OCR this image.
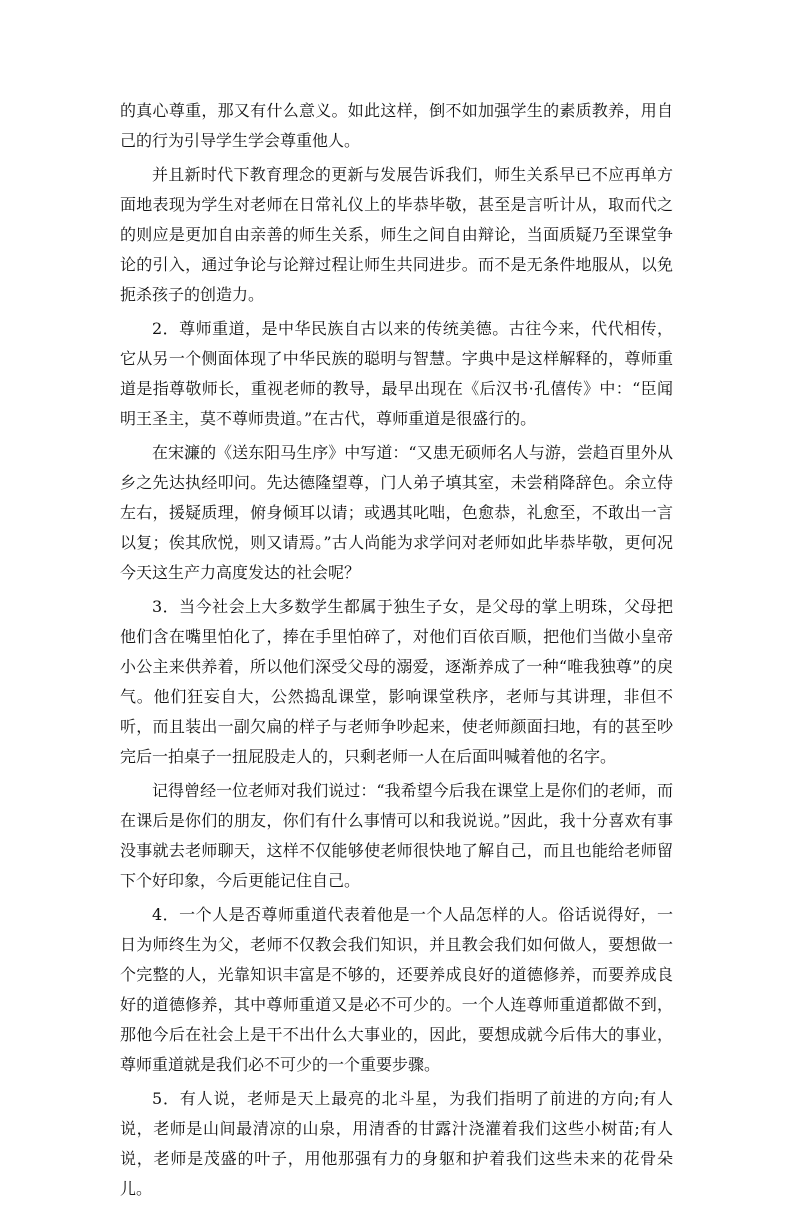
的真心尊重，那又有什么意义。如此这样，倒不如加强学生的素质教养，用自己的行为引导学生学会尊重他人。

并且新时代下教育理念的更新与发展告诉我们，师生关系早已不应再单方面地表现为学生对老师在日常礼仪上的毕恭毕敬，甚至是言听计从，取而代之的则应是更加自由亲善的师生关系，师生之间自由辩论，当面质疑乃至课堂争论的引入，通过争论与论辩过程让师生共同进步。而不是无条件地服从，以免扼杀孩子的创造力。

2．尊师重道，是中华民族自古以来的传统美德。古往今来，代代相传，它从另一个侧面体现了中华民族的聪明与智慧。字典中是这样解释的，尊师重道是指尊敬师长，重视老师的教导，最早出现在《后汉书·孔僖传》中：“臣闻明王圣主，莫不尊师贵道。”在古代，尊师重道是很盛行的。

在宋濂的《送东阳马生序》中写道：“又患无硕师名人与游，尝趋百里外从乡之先达执经叩问。先达德隆望尊，门人弟子填其室，未尝稍降辞色。余立侍左右，援疑质理，俯身倾耳以请；或遇其叱咄，色愈恭，礼愈至，不敢出一言以复；俟其欣悦，则又请焉。”古人尚能为求学问对老师如此毕恭毕敬，更何况今天这生产力高度发达的社会呢？

3．当今社会上大多数学生都属于独生子女，是父母的掌上明珠，父母把他们含在嘴里怕化了，捧在手里怕碎了，对他们百依百顺，把他们当做小皇帝小公主来供养着，所以他们深受父母的溺爱，逐渐养成了一种“唯我独尊”的戾气。他们狂妄自大，公然捣乱课堂，影响课堂秩序，老师与其讲理，非但不听，而且装出一副欠扁的样子与老师争吵起来，使老师颜面扫地，有的甚至吵完后一拍桌子一扭屁股走人的，只剩老师一人在后面叫喊着他的名字。

记得曾经一位老师对我们说过：“我希望今后我在课堂上是你们的老师，而在课后是你们的朋友，你们有什么事情可以和我说说。”因此，我十分喜欢有事没事就去老师聊天，这样不仅能够使老师很快地了解自己，而且也能给老师留下个好印象，今后更能记住自己。

4．一个人是否尊师重道代表着他是一个人品怎样的人。俗话说得好，一日为师终生为父，老师不仅教会我们知识，并且教会我们如何做人，要想做一个完整的人，光靠知识丰富是不够的，还要养成良好的道德修养，而要养成良好的道德修养，其中尊师重道又是必不可少的。一个人连尊师重道都做不到，那他今后在社会上是干不出什么大事业的，因此，要想成就今后伟大的事业，尊师重道就是我们必不可少的一个重要步骤。

5．有人说，老师是天上最亮的北斗星，为我们指明了前进的方向;有人说，老师是山间最清凉的山泉，用清香的甘露汁浇灌着我们这些小树苗;有人说，老师是茂盛的叶子，用他那强有力的身躯和护着我们这些未来的花骨朵儿。
